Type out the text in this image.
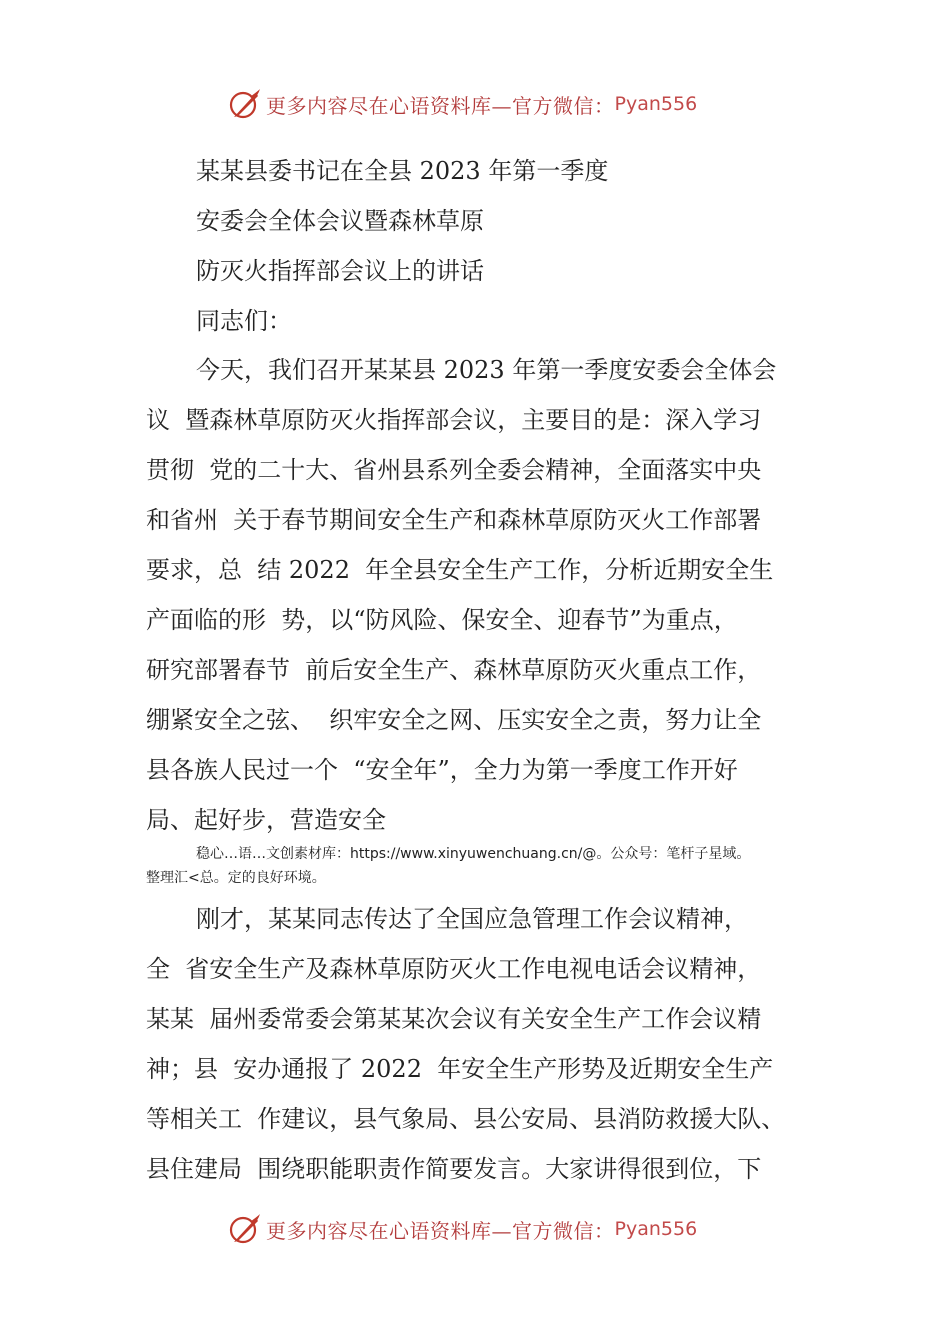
更多内容尽在心语资料库—官方微信： Pyan556
某某县委书记在全县 2023 年第一季度
安委会全体会议暨森林草原
防灭火指挥部会议上的讲话
同志们：
今天，我们召开某某县 2023 年第一季度安委会全体会
议  暨森林草原防灭火指挥部会议，主要目的是：深入学习
贯彻  党的二十大、省州县系列全委会精神，全面落实中央
和省州  关于春节期间安全生产和森林草原防灭火工作部署
要求，总  结 2022  年全县安全生产工作，分析近期安全生
产面临的形  势，以“防风险、保安全、迎春节”为重点，
研究部署春节  前后安全生产、森林草原防灭火重点工作，
绷紧安全之弦、  织牢安全之网、压实安全之责，努力让全
县各族人民过一个  “安全年”，全力为第一季度工作开好
局、起好步，营造安全
稳心…语…文创素材库：https://www.xinyuwenchuang.cn/@。公众号：笔杆子星域。
整理汇<总。定的良好环境。
刚才，某某同志传达了全国应急管理工作会议精神，
全  省安全生产及森林草原防灭火工作电视电话会议精神，
某某  届州委常委会第某某次会议有关安全生产工作会议精
神；县  安办通报了 2022  年安全生产形势及近期安全生产
等相关工  作建议，县气象局、县公安局、县消防救援大队、
县住建局  围绕职能职责作简要发言。大家讲得很到位，下
更多内容尽在心语资料库—官方微信： Pyan556
